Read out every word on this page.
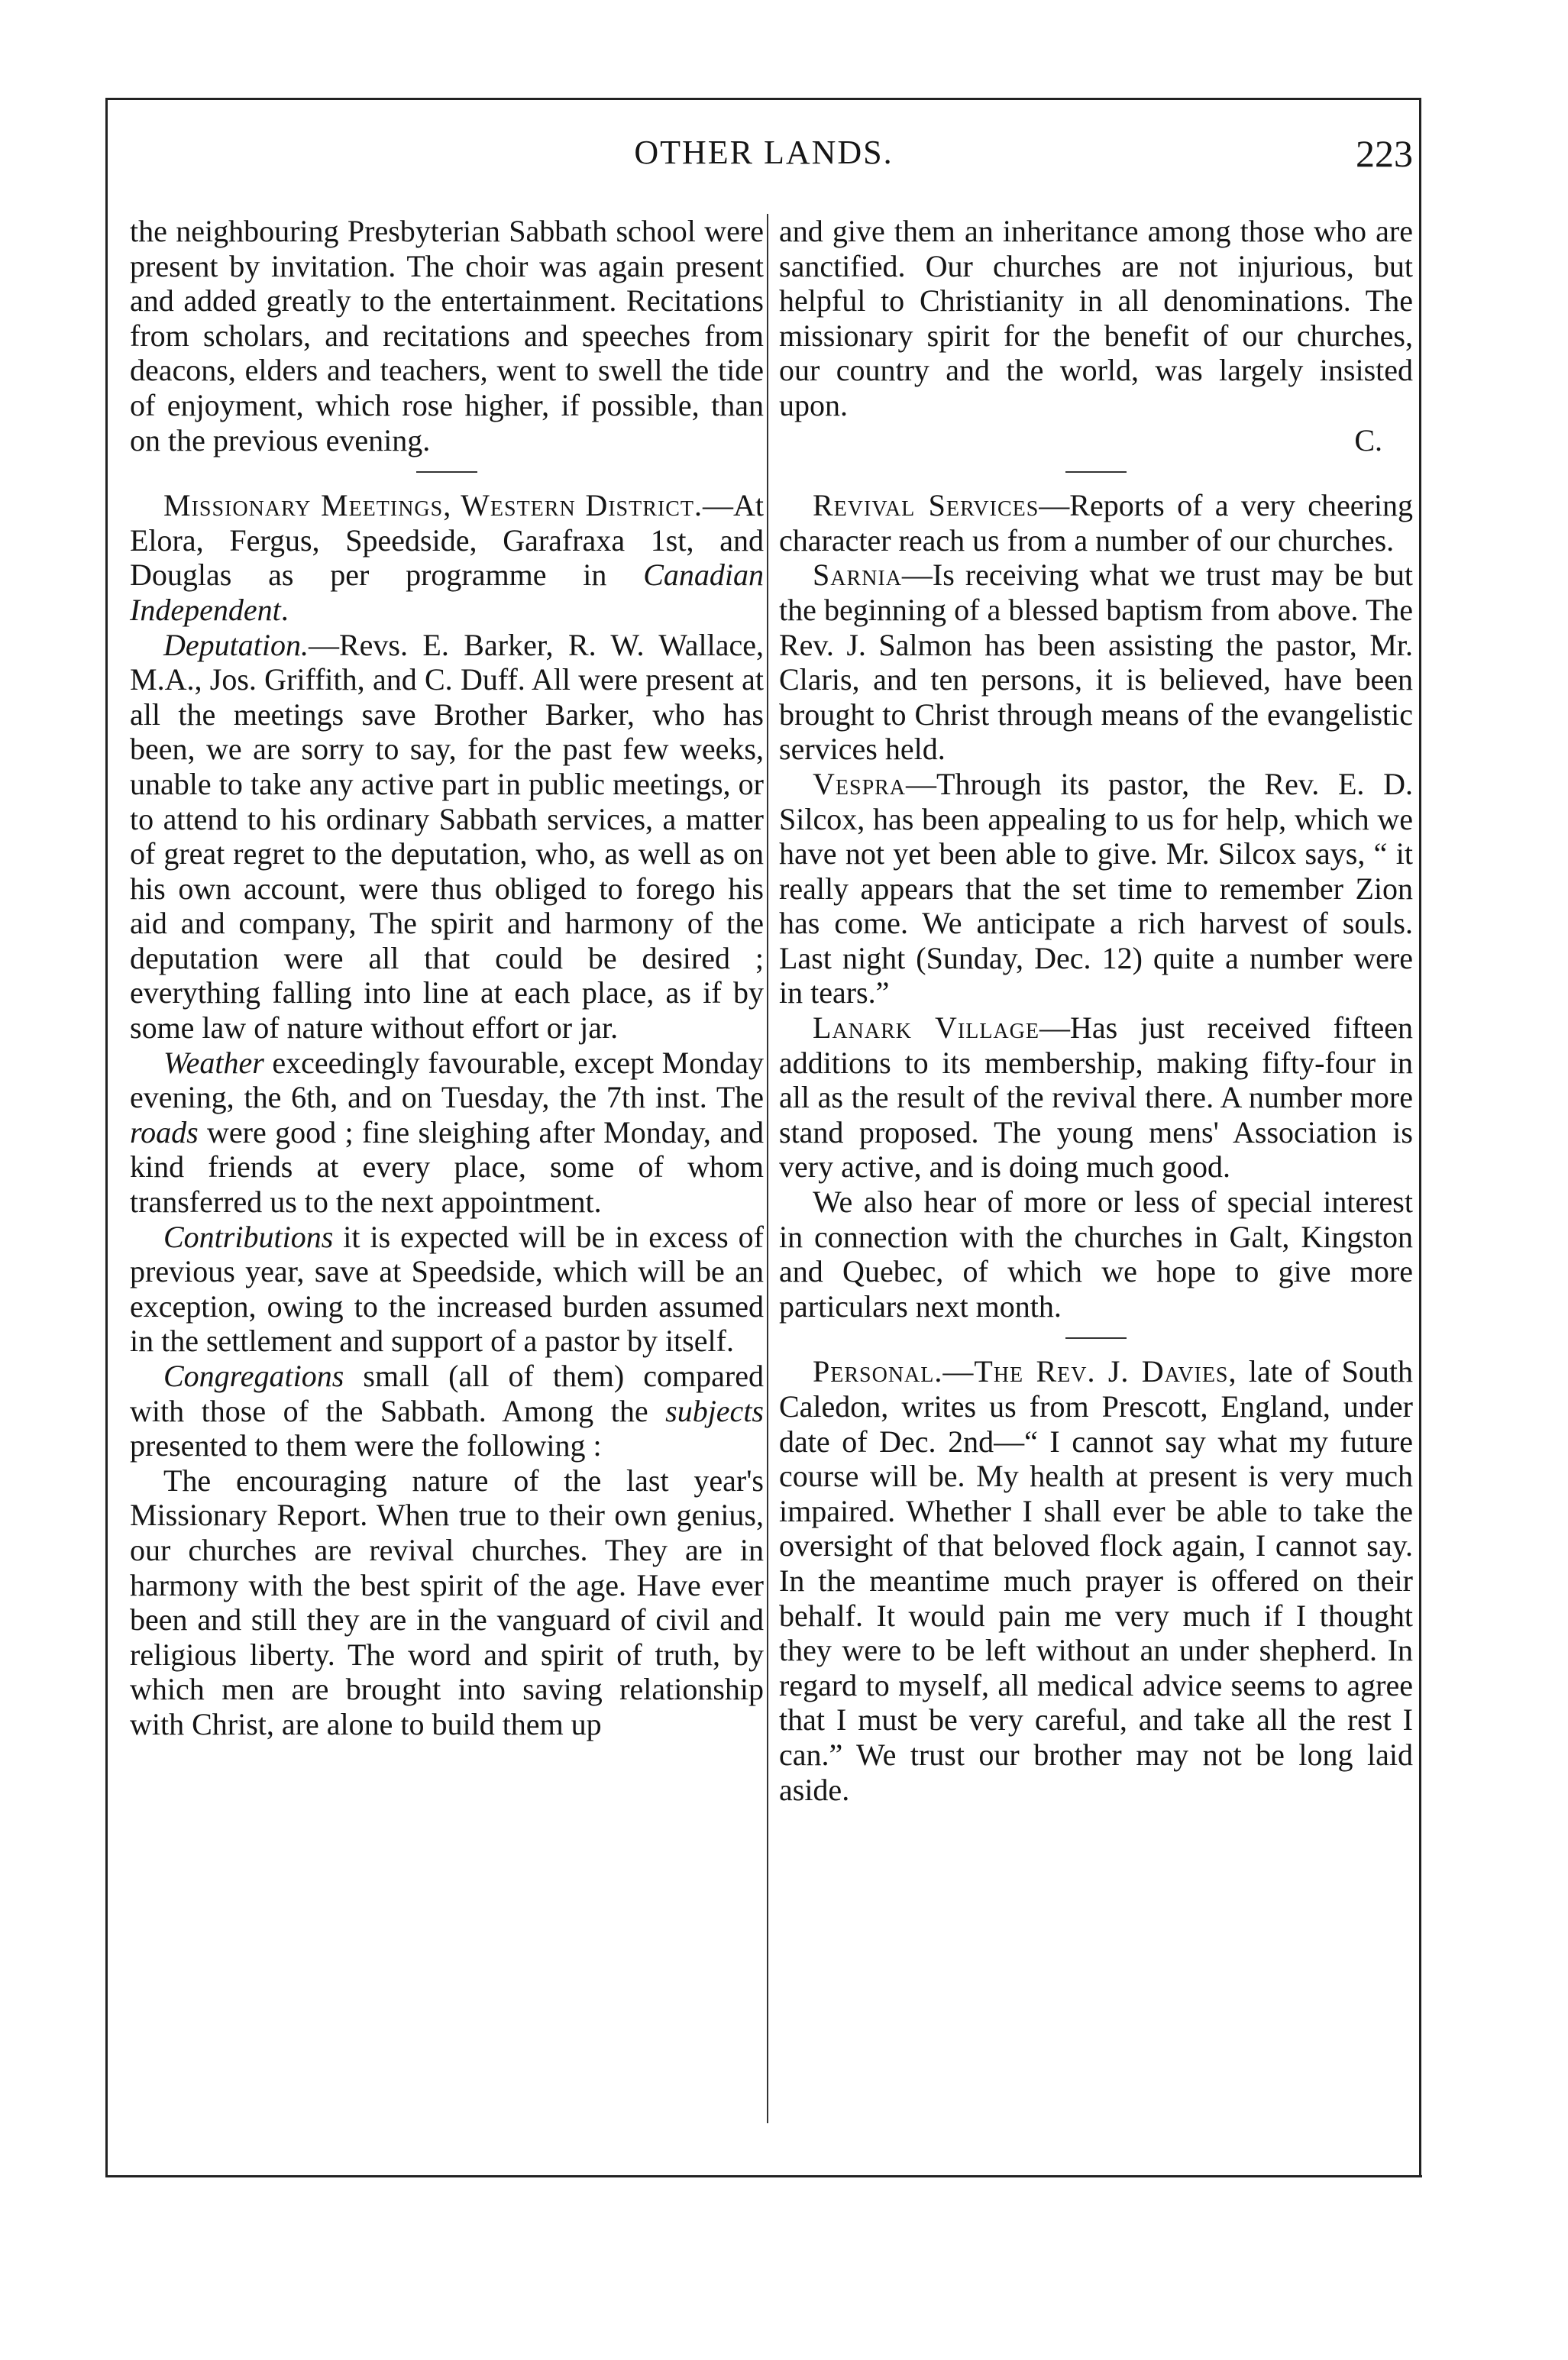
OTHER LANDS.	223

the neighbouring Presbyterian Sabbath school were present by invitation. The choir was again present and added greatly to the entertainment. Recitations from scholars, and recitations and speeches from deacons, elders and teachers, went to swell the tide of enjoyment, which rose higher, if possible, than on the previous evening.

Missionary Meetings, Western District.—At Elora, Fergus, Speedside, Garafraxa 1st, and Douglas as per programme in Canadian Independent.

Deputation.—Revs. E. Barker, R. W. Wallace, M.A., Jos. Griffith, and C. Duff. All were present at all the meetings save Brother Barker, who has been, we are sorry to say, for the past few weeks, unable to take any active part in public meetings, or to attend to his ordinary Sabbath services, a matter of great regret to the deputation, who, as well as on his own account, were thus obliged to forego his aid and company, The spirit and harmony of the deputation were all that could be desired ; everything falling into line at each place, as if by some law of nature without effort or jar.

Weather exceedingly favourable, except Monday evening, the 6th, and on Tuesday, the 7th inst. The roads were good ; fine sleighing after Monday, and kind friends at every place, some of whom transferred us to the next appointment.

Contributions it is expected will be in excess of previous year, save at Speedside, which will be an exception, owing to the increased burden assumed in the settlement and support of a pastor by itself.

Congregations small (all of them) compared with those of the Sabbath. Among the subjects presented to them were the following :

The encouraging nature of the last year's Missionary Report. When true to their own genius, our churches are revival churches. They are in harmony with the best spirit of the age. Have ever been and still they are in the vanguard of civil and religious liberty. The word and spirit of truth, by which men are brought into saving relationship with Christ, are alone to build them up

and give them an inheritance among those who are sanctified. Our churches are not injurious, but helpful to Christianity in all denominations. The missionary spirit for the benefit of our churches, our country and the world, was largely insisted upon.

C.

Revival Services—Reports of a very cheering character reach us from a number of our churches.

Sarnia—Is receiving what we trust may be but the beginning of a blessed baptism from above. The Rev. J. Salmon has been assisting the pastor, Mr. Claris, and ten persons, it is believed, have been brought to Christ through means of the evangelistic services held.

Vespra—Through its pastor, the Rev. E. D. Silcox, has been appealing to us for help, which we have not yet been able to give. Mr. Silcox says, “ it really appears that the set time to remember Zion has come. We anticipate a rich harvest of souls. Last night (Sunday, Dec. 12) quite a number were in tears.”

Lanark Village—Has just received fifteen additions to its membership, making fifty-four in all as the result of the revival there. A number more stand proposed. The young mens' Association is very active, and is doing much good.

We also hear of more or less of special interest in connection with the churches in Galt, Kingston and Quebec, of which we hope to give more particulars next month.

Personal.—The Rev. J. Davies, late of South Caledon, writes us from Prescott, England, under date of Dec. 2nd—“ I cannot say what my future course will be. My health at present is very much impaired. Whether I shall ever be able to take the oversight of that beloved flock again, I cannot say. In the meantime much prayer is offered on their behalf. It would pain me very much if I thought they were to be left without an under shepherd. In regard to myself, all medical advice seems to agree that I must be very careful, and take all the rest I can.” We trust our brother may not be long laid aside.
